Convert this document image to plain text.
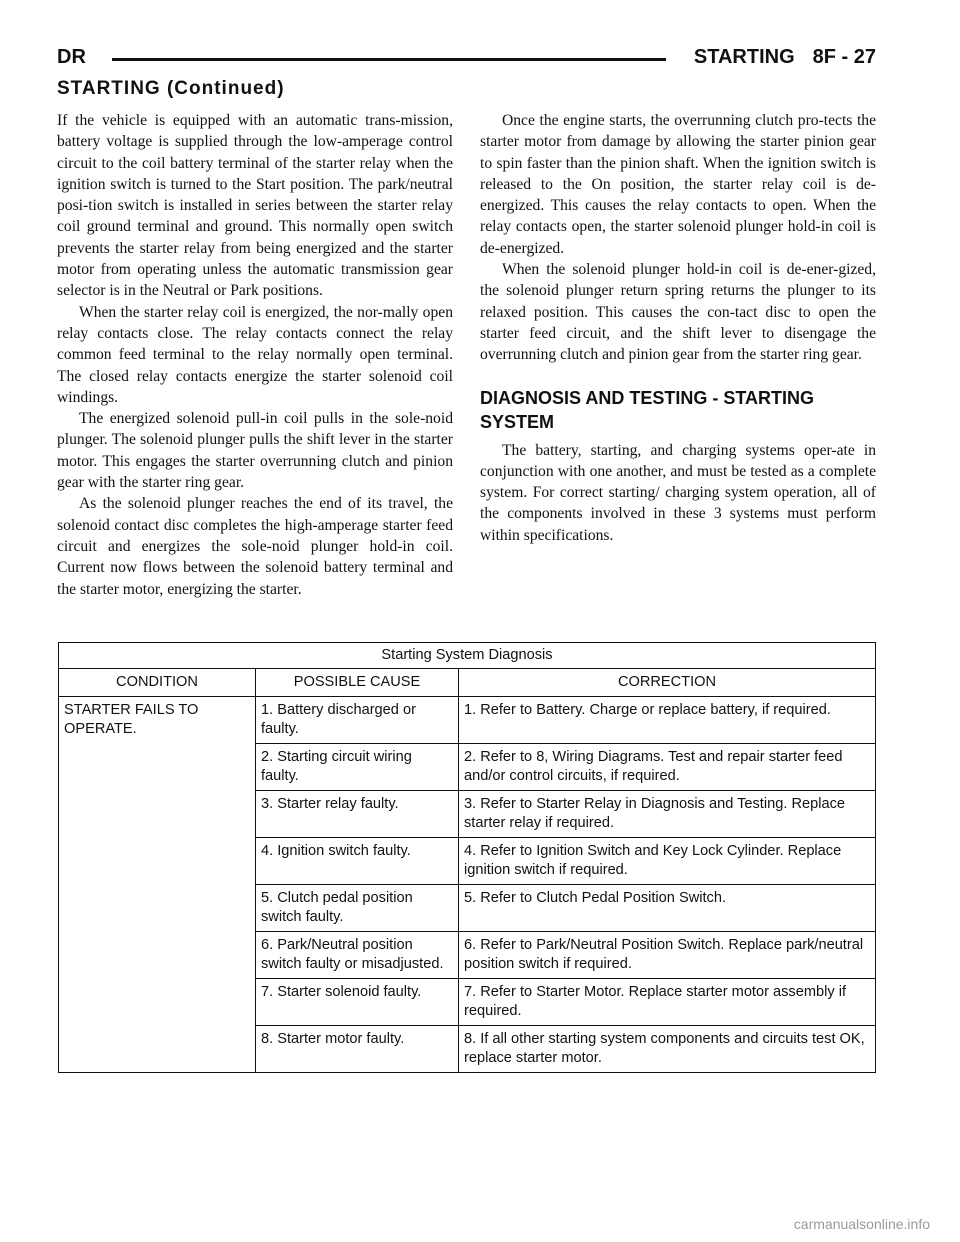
DR	STARTING 8F - 27
STARTING (Continued)

If the vehicle is equipped with an automatic trans-mission, battery voltage is supplied through the low-amperage control circuit to the coil battery terminal of the starter relay when the ignition switch is turned to the Start position. The park/neutral posi-tion switch is installed in series between the starter relay coil ground terminal and ground. This normally open switch prevents the starter relay from being energized and the starter motor from operating unless the automatic transmission gear selector is in the Neutral or Park positions.

When the starter relay coil is energized, the nor-mally open relay contacts close. The relay contacts connect the relay common feed terminal to the relay normally open terminal. The closed relay contacts energize the starter solenoid coil windings.

The energized solenoid pull-in coil pulls in the sole-noid plunger. The solenoid plunger pulls the shift lever in the starter motor. This engages the starter overrunning clutch and pinion gear with the starter ring gear.

As the solenoid plunger reaches the end of its travel, the solenoid contact disc completes the high-amperage starter feed circuit and energizes the sole-noid plunger hold-in coil. Current now flows between the solenoid battery terminal and the starter motor, energizing the starter.

Once the engine starts, the overrunning clutch pro-tects the starter motor from damage by allowing the starter pinion gear to spin faster than the pinion shaft. When the ignition switch is released to the On position, the starter relay coil is de-energized. This causes the relay contacts to open. When the relay contacts open, the starter solenoid plunger hold-in coil is de-energized.

When the solenoid plunger hold-in coil is de-ener-gized, the solenoid plunger return spring returns the plunger to its relaxed position. This causes the con-tact disc to open the starter feed circuit, and the shift lever to disengage the overrunning clutch and pinion gear from the starter ring gear.

DIAGNOSIS AND TESTING - STARTING SYSTEM

The battery, starting, and charging systems oper-ate in conjunction with one another, and must be tested as a complete system. For correct starting/ charging system operation, all of the components involved in these 3 systems must perform within specifications.

Starting System Diagnosis		
CONDITION	POSSIBLE CAUSE	CORRECTION
STARTER FAILS TO OPERATE.	1. Battery discharged or faulty.	1. Refer to Battery. Charge or replace battery, if required.
	2. Starting circuit wiring faulty.	2. Refer to 8, Wiring Diagrams. Test and repair starter feed and/or control circuits, if required.
	3. Starter relay faulty.	3. Refer to Starter Relay in Diagnosis and Testing. Replace starter relay if required.
	4. Ignition switch faulty.	4. Refer to Ignition Switch and Key Lock Cylinder. Replace ignition switch if required.
	5. Clutch pedal position switch faulty.	5. Refer to Clutch Pedal Position Switch.
	6. Park/Neutral position switch faulty or misadjusted.	6. Refer to Park/Neutral Position Switch. Replace park/neutral position switch if required.
	7. Starter solenoid faulty.	7. Refer to Starter Motor. Replace starter motor assembly if required.
	8. Starter motor faulty.	8. If all other starting system components and circuits test OK, replace starter motor.
carmanualsonline.info
